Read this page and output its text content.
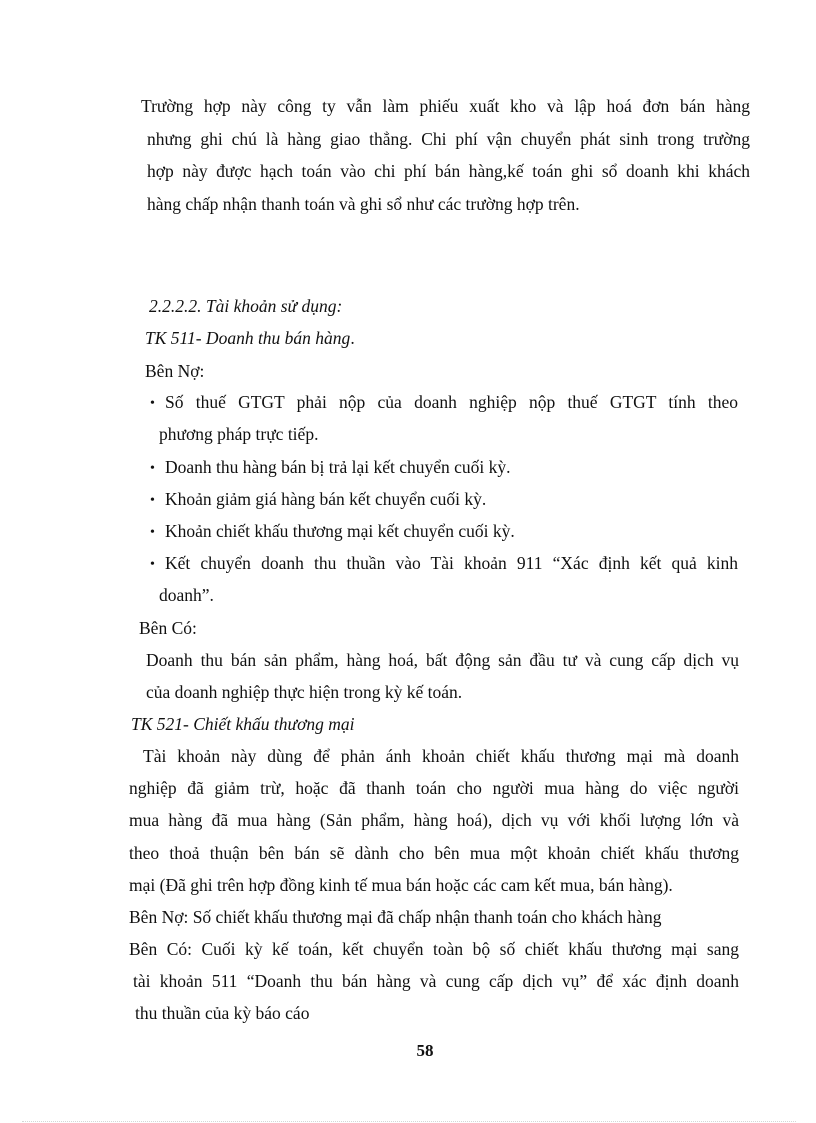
Trường hợp này công ty vẫn làm phiếu xuất kho và lập hoá đơn bán hàng
nhưng ghi chú là hàng giao thẳng. Chi phí vận chuyển phát sinh trong trường
hợp này được hạch toán vào chi phí bán hàng,kế toán ghi sổ doanh khi khách
hàng chấp nhận thanh toán và ghi sổ như các trường hợp trên.
2.2.2.2. Tài khoản sử dụng:
TK 511- Doanh thu bán hàng.
Bên Nợ:
• Số thuế GTGT phải nộp của doanh nghiệp nộp thuế GTGT tính theo
phương pháp trực tiếp.
• Doanh thu hàng bán bị trả lại kết chuyển cuối kỳ.
• Khoản giảm giá hàng bán kết chuyển cuối kỳ.
• Khoản chiết khấu thương mại kết chuyển cuối kỳ.
• Kết chuyển doanh thu thuần vào Tài khoản 911 “Xác định kết quả kinh
doanh”.
Bên Có:
Doanh thu bán sản phẩm, hàng hoá, bất động sản đầu tư và cung cấp dịch vụ
của doanh nghiệp thực hiện trong kỳ kế toán.
TK 521- Chiết khấu thương mại
Tài khoản này dùng để phản ánh khoản chiết khấu thương mại mà doanh
nghiệp đã giảm trừ, hoặc đã thanh toán cho người mua hàng do việc người
mua hàng đã mua hàng (Sản phẩm, hàng hoá), dịch vụ với khối lượng lớn và
theo thoả thuận bên bán sẽ dành cho bên mua một khoản chiết khấu thương
mại (Đã ghi trên hợp đồng kinh tế mua bán hoặc các cam kết mua, bán hàng).
Bên Nợ: Số chiết khấu thương mại đã chấp nhận thanh toán cho khách hàng
Bên Có: Cuối kỳ kế toán, kết chuyển toàn bộ số chiết khấu thương mại sang
tài khoản 511 “Doanh thu bán hàng và cung cấp dịch vụ” để xác định doanh
thu thuần của kỳ báo cáo
58
